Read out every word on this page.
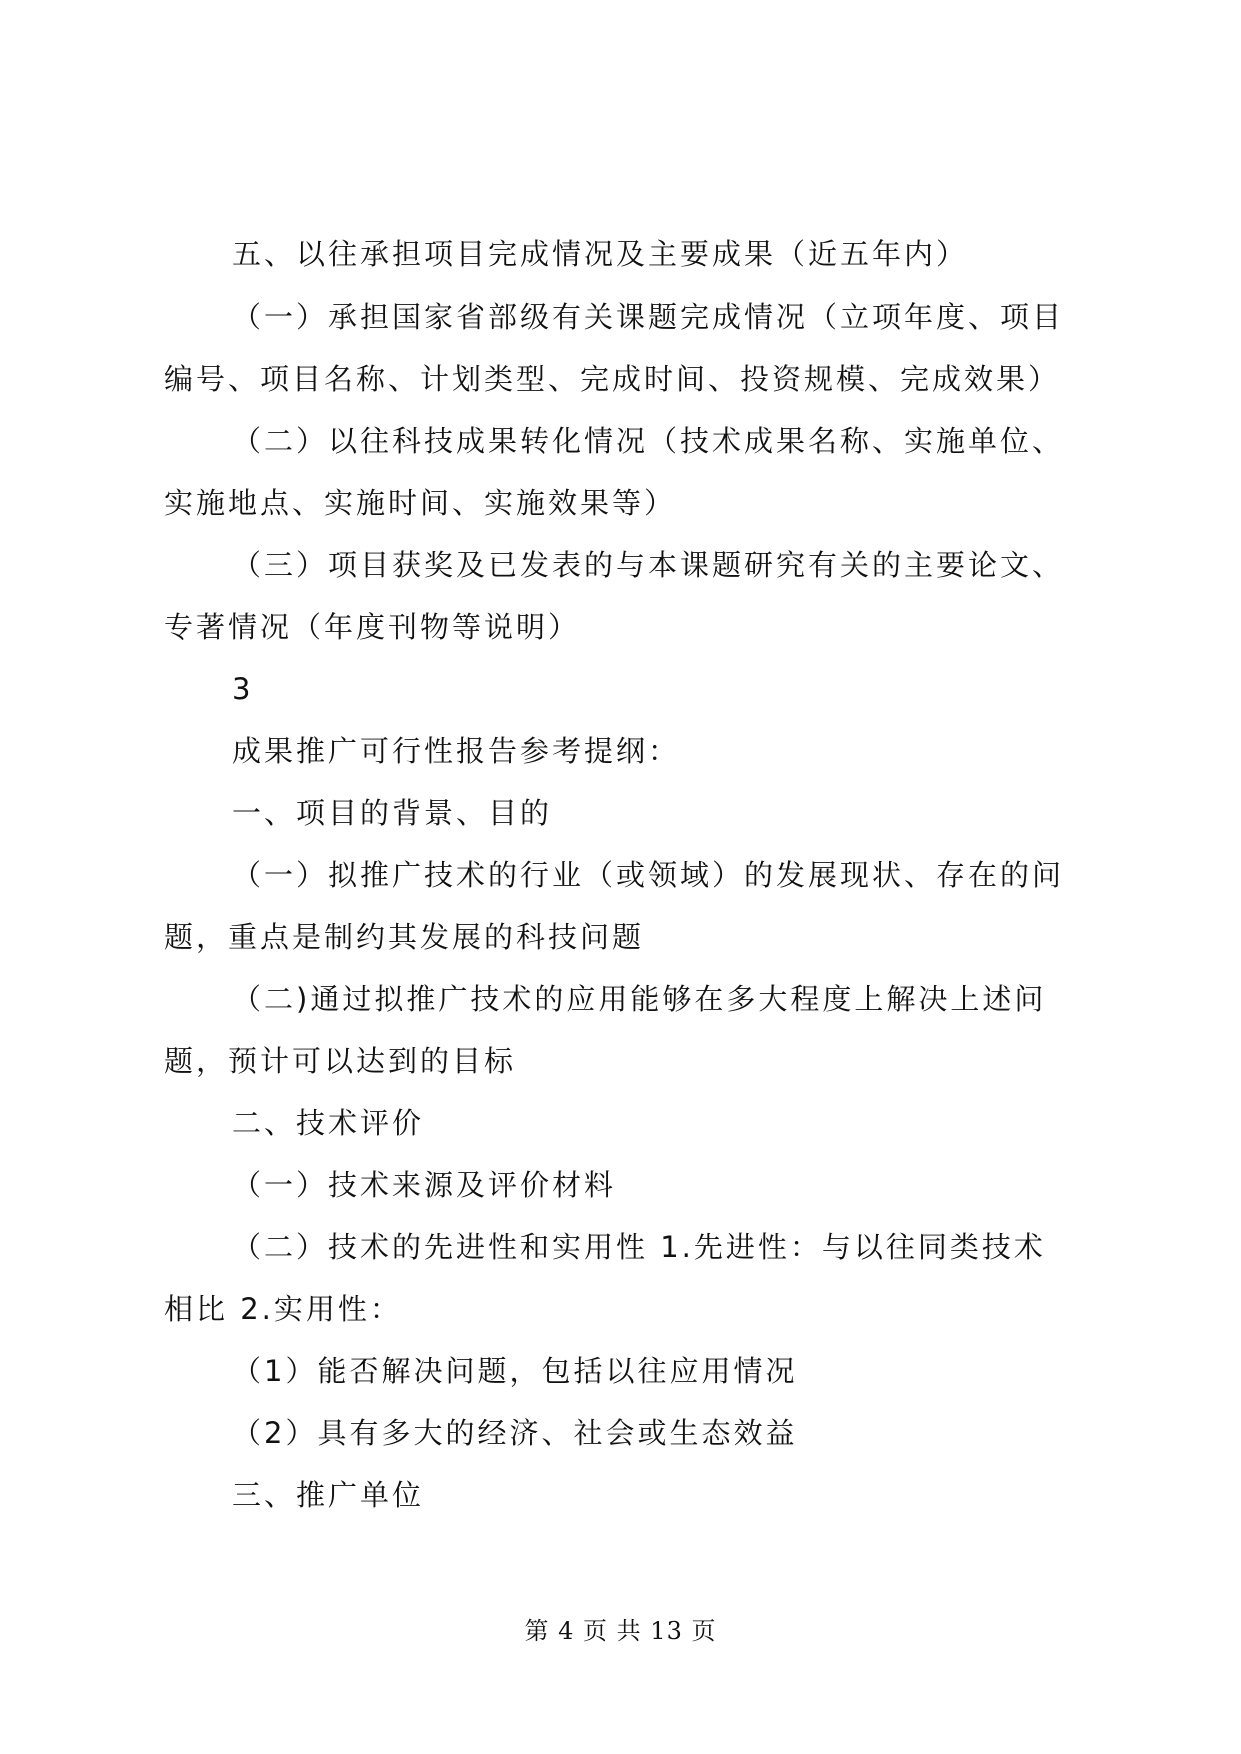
五、以往承担项目完成情况及主要成果（近五年内）
（一）承担国家省部级有关课题完成情况（立项年度、项目
编号、项目名称、计划类型、完成时间、投资规模、完成效果）
（二）以往科技成果转化情况（技术成果名称、实施单位、
实施地点、实施时间、实施效果等）
（三）项目获奖及已发表的与本课题研究有关的主要论文、
专著情况（年度刊物等说明）
3
成果推广可行性报告参考提纲：
一、项目的背景、目的
（一）拟推广技术的行业（或领域）的发展现状、存在的问
题，重点是制约其发展的科技问题
（二)通过拟推广技术的应用能够在多大程度上解决上述问
题，预计可以达到的目标
二、技术评价
（一）技术来源及评价材料
（二）技术的先进性和实用性 1.先进性：与以往同类技术
相比 2.实用性：
（1）能否解决问题，包括以往应用情况
（2）具有多大的经济、社会或生态效益
三、推广单位
第 4 页 共 13 页
